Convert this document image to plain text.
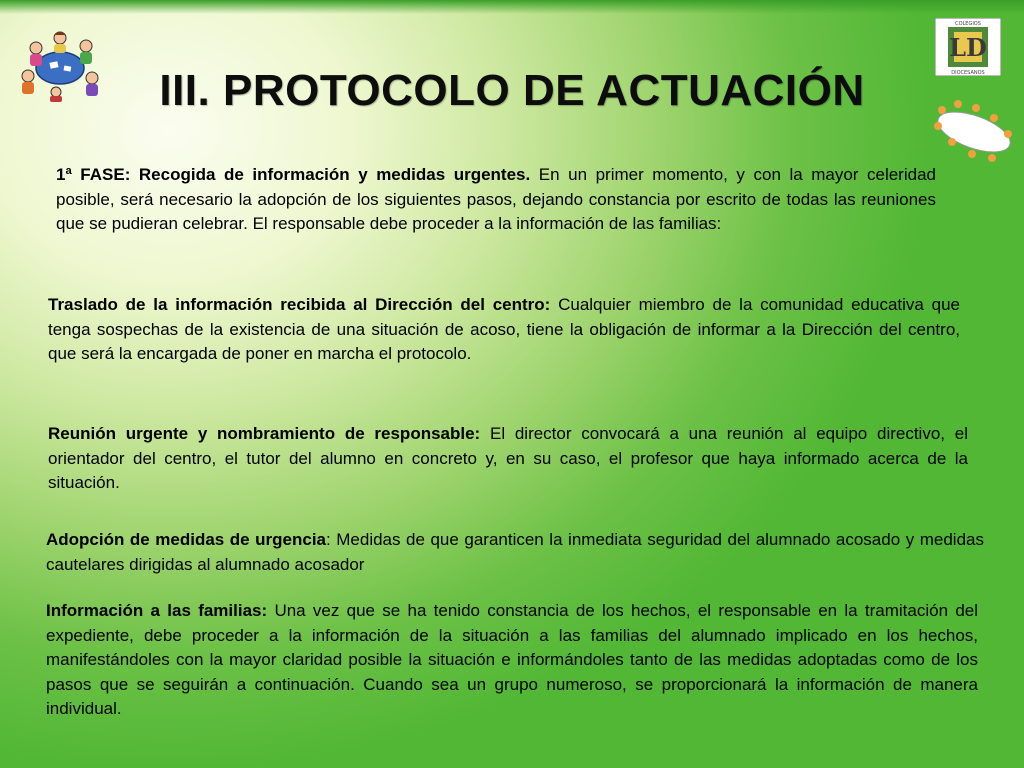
LD
COLEGIOS
DIOCESANOS
III. PROTOCOLO DE ACTUACIÓN

1ª FASE: Recogida de información y medidas urgentes. En un primer momento, y con la mayor celeridad posible, será necesario la adopción de los siguientes pasos, dejando constancia por escrito de todas las reuniones que se pudieran celebrar. El responsable debe proceder a la información de las familias:

Traslado de la información recibida al Dirección del centro: Cualquier miembro de la comunidad educativa que tenga sospechas de la existencia de una situación de acoso, tiene la obligación de informar a la Dirección del centro, que será la encargada de poner en marcha el protocolo.

Reunión urgente y nombramiento de responsable: El director convocará a una reunión al equipo directivo, el orientador del centro, el tutor del alumno en concreto y, en su caso, el profesor que haya informado acerca de la situación.

Adopción de medidas de urgencia: Medidas de que garanticen la inmediata seguridad del alumnado acosado y medidas cautelares dirigidas al alumnado acosador

Información a las familias: Una vez que se ha tenido constancia de los hechos, el responsable en la tramitación del expediente, debe proceder a la información de la situación a las familias del alumnado implicado en los hechos, manifestándoles con la mayor claridad posible la situación e informándoles tanto de las medidas adoptadas como de los pasos que se seguirán a continuación. Cuando sea un grupo numeroso, se proporcionará la información de manera individual.
